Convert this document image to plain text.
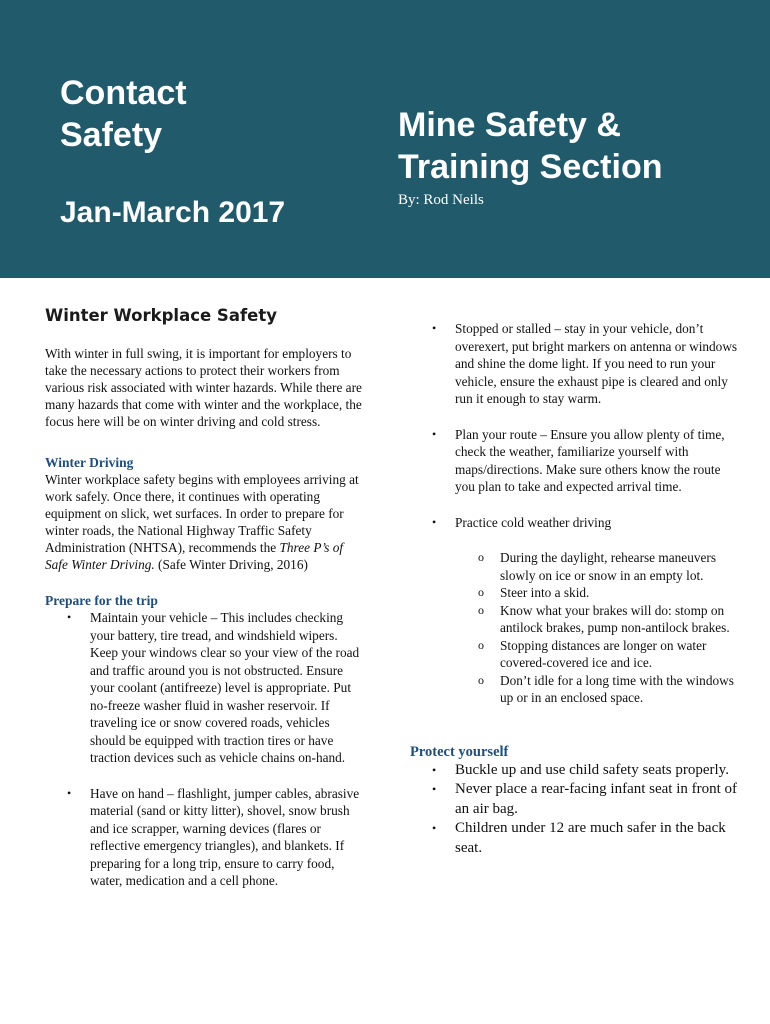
Contact
Safety
Jan-March 2017
Mine Safety &
Training Section
By: Rod Neils
Winter Workplace Safety

With winter in full swing, it is important for employers to take the necessary actions to protect their workers from various risk associated with winter hazards. While there are many hazards that come with winter and the workplace, the focus here will be on winter driving and cold stress.

Winter Driving

Winter workplace safety begins with employees arriving at work safely. Once there, it continues with operating equipment on slick, wet surfaces. In order to prepare for winter roads, the National Highway Traffic Safety Administration (NHTSA), recommends the Three P’s of Safe Winter Driving. (Safe Winter Driving, 2016)

Prepare for the trip
• Maintain your vehicle – This includes checking your battery, tire tread, and windshield wipers. Keep your windows clear so your view of the road and traffic around you is not obstructed. Ensure your coolant (antifreeze) level is appropriate. Put no-freeze washer fluid in washer reservoir. If traveling ice or snow covered roads, vehicles should be equipped with traction tires or have traction devices such as vehicle chains on-hand.
• Have on hand – flashlight, jumper cables, abrasive material (sand or kitty litter), shovel, snow brush and ice scrapper, warning devices (flares or reflective emergency triangles), and blankets. If preparing for a long trip, ensure to carry food, water, medication and a cell phone.
• Stopped or stalled – stay in your vehicle, don’t overexert, put bright markers on antenna or windows and shine the dome light. If you need to run your vehicle, ensure the exhaust pipe is cleared and only run it enough to stay warm.
• Plan your route – Ensure you allow plenty of time, check the weather, familiarize yourself with maps/directions. Make sure others know the route you plan to take and expected arrival time.
• Practice cold weather driving
o During the daylight, rehearse maneuvers slowly on ice or snow in an empty lot.
o Steer into a skid.
o Know what your brakes will do: stomp on antilock brakes, pump non-antilock brakes.
o Stopping distances are longer on water covered-covered ice and ice.
o Don’t idle for a long time with the windows up or in an enclosed space.
Protect yourself
• Buckle up and use child safety seats properly.
• Never place a rear-facing infant seat in front of an air bag.
• Children under 12 are much safer in the back seat.
